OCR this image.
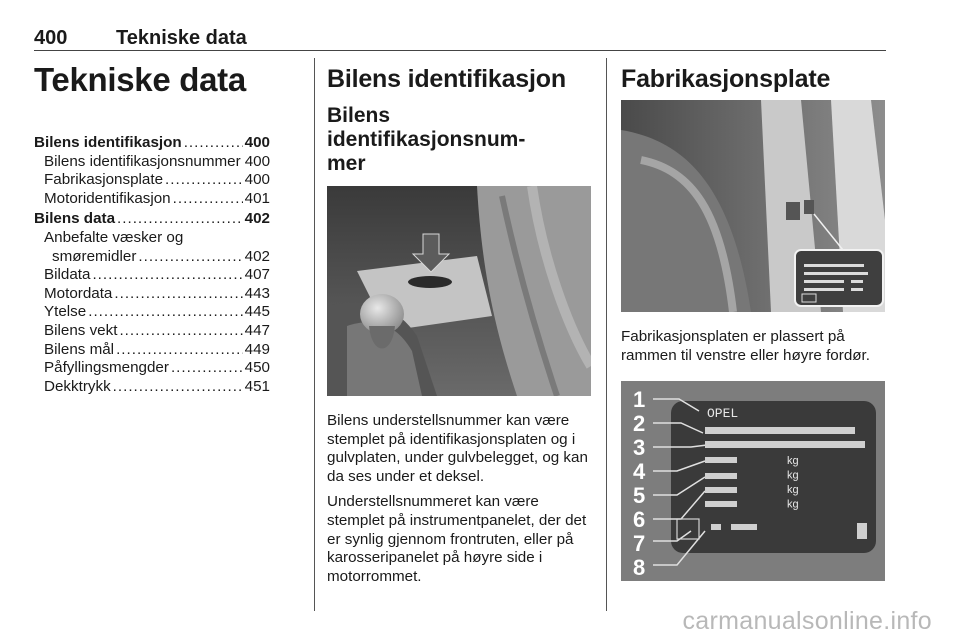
400 Tekniske data
Tekniske data
Bilens identifikasjon .....	400
Bilens identifikasjonsnummer 400
Fabrikasjonsplate .....	400
Motoridentifikasjon .....	401
Bilens data .....	402
Anbefalte væsker og
smøremidler .....	402
Bildata .....	407
Motordata .....	443
Ytelse .....	445
Bilens vekt .....	447
Bilens mål .....	449
Påfyllingsmengder .....	450
Dekktrykk .....	451
Bilens identifikasjon
Bilens identifikasjonsnum-
mer

Bilens understellsnummer kan være stemplet på identifikasjonsplaten og i gulvplaten, under gulvbelegget, og kan da ses under et deksel.

Understellsnummeret kan være stemplet på instrumentpanelet, der det er synlig gjennom frontruten, eller på karosseripanelet på høyre side i motorrommet.

Fabrikasjonsplate

Fabrikasjonsplaten er plassert på rammen til venstre eller høyre fordør.

1
2
3
4
5
6
7
8
OPEL
kg
kg
kg
kg
carmanualsonline.info
